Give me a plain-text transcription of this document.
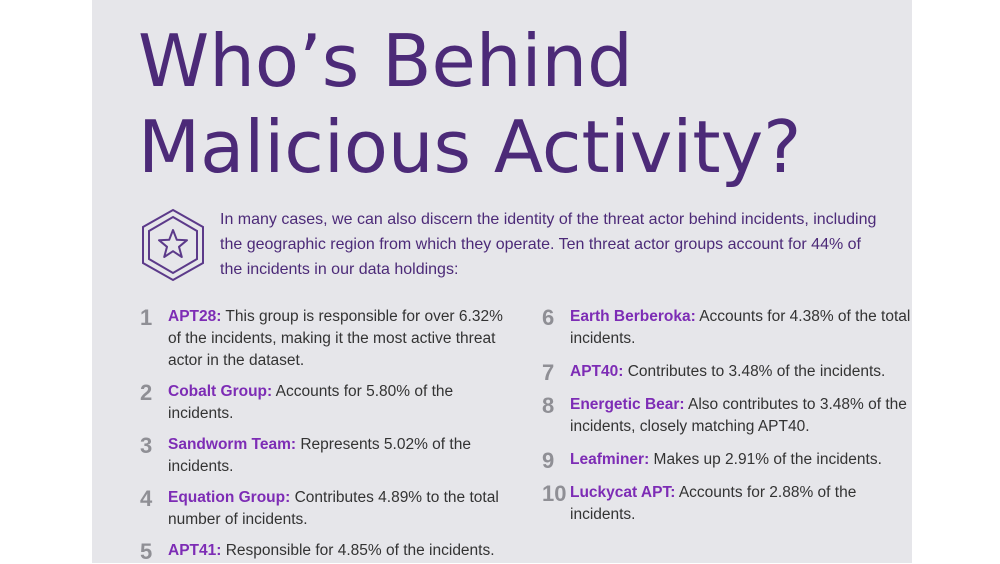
Who’s Behind
Malicious Activity?

In many cases, we can also discern the identity of the threat actor behind incidents, including the geographic region from which they operate. Ten threat actor groups account for 44% of the incidents in our data holdings:

1 APT28: This group is responsible for over 6.32% of the incidents, making it the most active threat actor in the dataset.
2 Cobalt Group: Accounts for 5.80% of the incidents.
3 Sandworm Team: Represents 5.02% of the incidents.
4 Equation Group: Contributes 4.89% to the total number of incidents.
5 APT41: Responsible for 4.85% of the incidents.
6 Earth Berberoka: Accounts for 4.38% of the total incidents.
7 APT40: Contributes to 3.48% of the incidents.
8 Energetic Bear: Also contributes to 3.48% of the incidents, closely matching APT40.
9 Leafminer: Makes up 2.91% of the incidents.
10 Luckycat APT: Accounts for 2.88% of the incidents.
